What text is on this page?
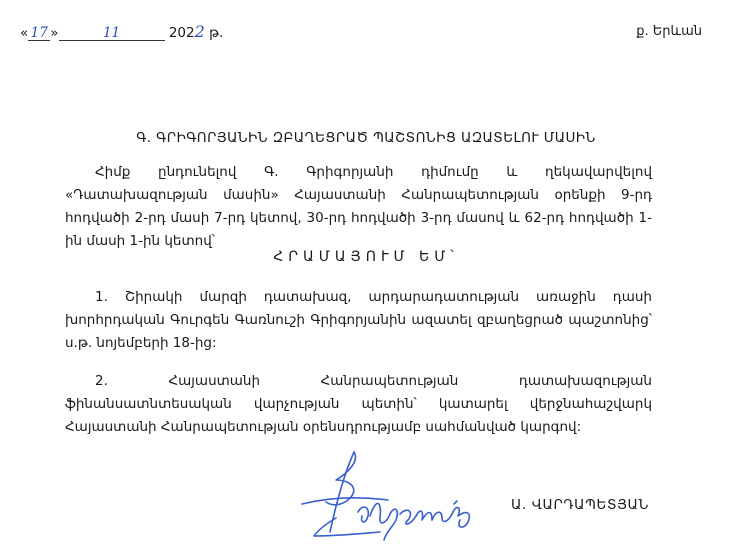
« 17 »	11	2022 թ.	ք. Երևան
Գ. ԳՐԻԳՈՐՅԱՆԻՆ ԶԲԱՂԵՑՐԱԾ ՊԱՇՏՈՆԻՑ ԱԶԱՏԵԼՈՒ ՄԱՍԻՆ
Հիմք ընդունելով Գ. Գրիգորյանի դիմումը և ղեկավարվելով «Դատախազության մասին» Հայաստանի Հանրապետության օրենքի 9-րդ հոդվածի 2-րդ մասի 7-րդ կետով, 30-րդ հոդվածի 3-րդ մասով և 62-րդ հոդվածի 1-ին մասի 1-ին կետով՝
ՀՐԱՄԱՅՈՒՄ ԵՄ՝
1. Շիրակի մարզի դատախազ, արդարադատության առաջին դասի խորհրդական Գուրգեն Գառնուշի Գրիգորյանին ազատել զբաղեցրած պաշտոնից՝ ս.թ. նոյեմբերի 18-ից:
2. Հայաստանի Հանրապետության դատախազության ֆինանսատնտեսական վարչության պետին՝ կատարել վերջնահաշվարկ Հայաստանի Հանրապետության օրենսդրությամբ սահմանված կարգով:
Ա. ՎԱՐԴԱՊԵՏՅԱՆ
